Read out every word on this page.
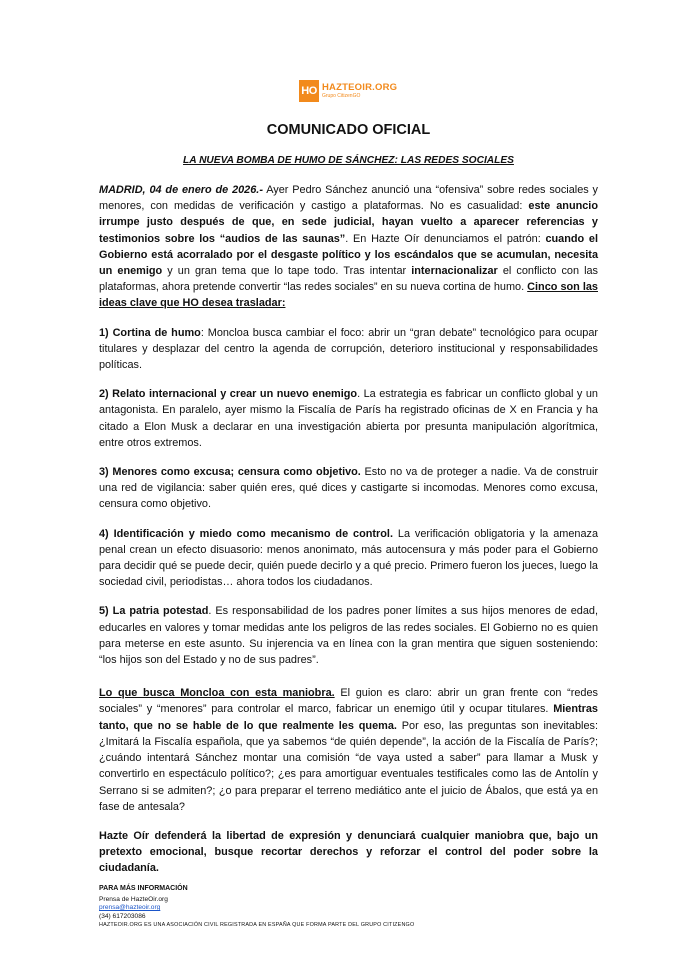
HO HAZTEOIR.ORG
Grupo CitizenGO
COMUNICADO OFICIAL
LA NUEVA BOMBA DE HUMO DE SÁNCHEZ: LAS REDES SOCIALES

MADRID, 04 de enero de 2026.- Ayer Pedro Sánchez anunció una “ofensiva” sobre redes sociales y menores, con medidas de verificación y castigo a plataformas. No es casualidad: este anuncio irrumpe justo después de que, en sede judicial, hayan vuelto a aparecer referencias y testimonios sobre los “audios de las saunas”. En Hazte Oír denunciamos el patrón: cuando el Gobierno está acorralado por el desgaste político y los escándalos que se acumulan, necesita un enemigo y un gran tema que lo tape todo. Tras intentar internacionalizar el conflicto con las plataformas, ahora pretende convertir “las redes sociales” en su nueva cortina de humo. Cinco son las ideas clave que HO desea trasladar:

1) Cortina de humo: Moncloa busca cambiar el foco: abrir un “gran debate” tecnológico para ocupar titulares y desplazar del centro la agenda de corrupción, deterioro institucional y responsabilidades políticas.

2) Relato internacional y crear un nuevo enemigo. La estrategia es fabricar un conflicto global y un antagonista. En paralelo, ayer mismo la Fiscalía de París ha registrado oficinas de X en Francia y ha citado a Elon Musk a declarar en una investigación abierta por presunta manipulación algorítmica, entre otros extremos.

3) Menores como excusa; censura como objetivo. Esto no va de proteger a nadie. Va de construir una red de vigilancia: saber quién eres, qué dices y castigarte si incomodas. Menores como excusa, censura como objetivo.

4) Identificación y miedo como mecanismo de control. La verificación obligatoria y la amenaza penal crean un efecto disuasorio: menos anonimato, más autocensura y más poder para el Gobierno para decidir qué se puede decir, quién puede decirlo y a qué precio. Primero fueron los jueces, luego la sociedad civil, periodistas… ahora todos los ciudadanos.

5) La patria potestad. Es responsabilidad de los padres poner límites a sus hijos menores de edad, educarles en valores y tomar medidas ante los peligros de las redes sociales. El Gobierno no es quien para meterse en este asunto. Su injerencia va en línea con la gran mentira que siguen sosteniendo: “los hijos son del Estado y no de sus padres”.

Lo que busca Moncloa con esta maniobra. El guion es claro: abrir un gran frente con “redes sociales” y “menores” para controlar el marco, fabricar un enemigo útil y ocupar titulares. Mientras tanto, que no se hable de lo que realmente les quema. Por eso, las preguntas son inevitables: ¿Imitará la Fiscalía española, que ya sabemos “de quién depende”, la acción de la Fiscalía de París?; ¿cuándo intentará Sánchez montar una comisión “de vaya usted a saber” para llamar a Musk y convertirlo en espectáculo político?; ¿es para amortiguar eventuales testificales como las de Antolín y Serrano si se admiten?; ¿o para preparar el terreno mediático ante el juicio de Ábalos, que está ya en fase de antesala?

Hazte Oír defenderá la libertad de expresión y denunciará cualquier maniobra que, bajo un pretexto emocional, busque recortar derechos y reforzar el control del poder sobre la ciudadanía.

PARA MÁS INFORMACIÓN
Prensa de HazteOir.org
prensa@hazteoir.org
(34) 617203086
HAZTEOIR.ORG ES UNA ASOCIACIÓN CIVIL REGISTRADA EN ESPAÑA QUE FORMA PARTE DEL GRUPO CITIZENGO
